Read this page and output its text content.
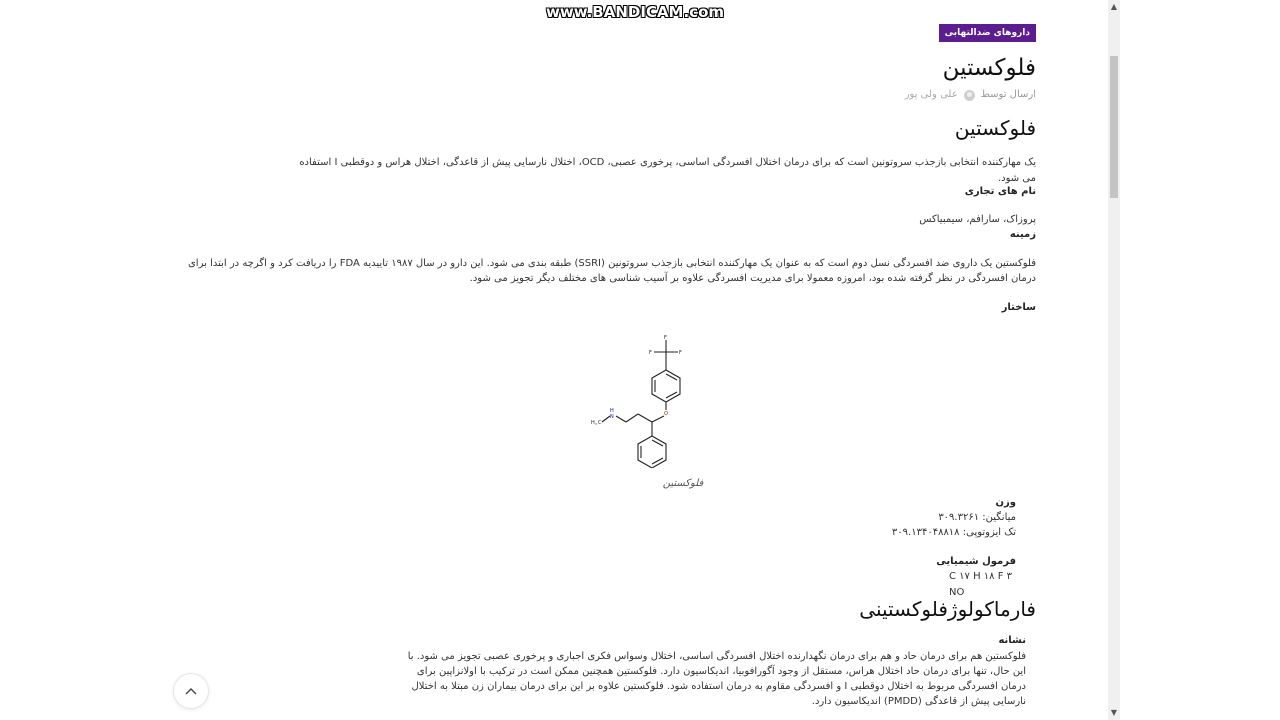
داروهای ضدالتهابی
فلوکستین
ارسال توسط
علی ولی پور
فلوکستین
یک مهارکننده انتخابی بازجذب سروتونین است که برای درمان اختلال افسردگی اساسی، پرخوری عصبی، OCD، اختلال نارسایی پیش از قاعدگی، اختلال هراس و دوقطبی I استفاده می شود.
نام های تجاری
پروزاک، سارافم، سیمبیاکس
زمینه
فلوکستین یک داروی ضد افسردگی نسل دوم است که به عنوان یک مهارکننده انتخابی بازجذب سروتونین (SSRI) طبقه بندی می شود. این دارو در سال ۱۹۸۷ تاییدیه FDA را دریافت کرد و اگرچه در ابتدا برای
درمان افسردگی در نظر گرفته شده بود، امروزه معمولا برای مدیریت افسردگی علاوه بر آسیب شناسی های مختلف دیگر تجویز می شود.
ساختار
F
F	F
O
H
N
H 3 C
فلوکستین
وزن
میانگین: ۳۰۹.۳۲۶۱
تک ایزوتوپی: ۳۰۹.۱۳۴۰۴۸۸۱۸
فرمول شیمیایی
C ۱۷ H ۱۸ F ۳ NO
فارماکولوژفلوکستینی
نشانه
فلوکستین هم برای درمان حاد و هم برای درمان نگهدارنده اختلال افسردگی اساسی، اختلال وسواس فکری اجباری و پرخوری عصبی تجویز می شود. با
این حال، تنها برای درمان حاد اختلال هراس، مستقل از وجود آگورافوبیا، اندیکاسیون دارد. فلوکستین همچنین ممکن است در ترکیب با اولانزاپین برای
درمان افسردگی مربوط به اختلال دوقطبی I و افسردگی مقاوم به درمان استفاده شود. فلوکستین علاوه بر این برای درمان بیماران زن مبتلا به اختلال
نارسایی پیش از قاعدگی (PMDD) اندیکاسیون دارد.
www.BANDICAM.com	▲
▼
